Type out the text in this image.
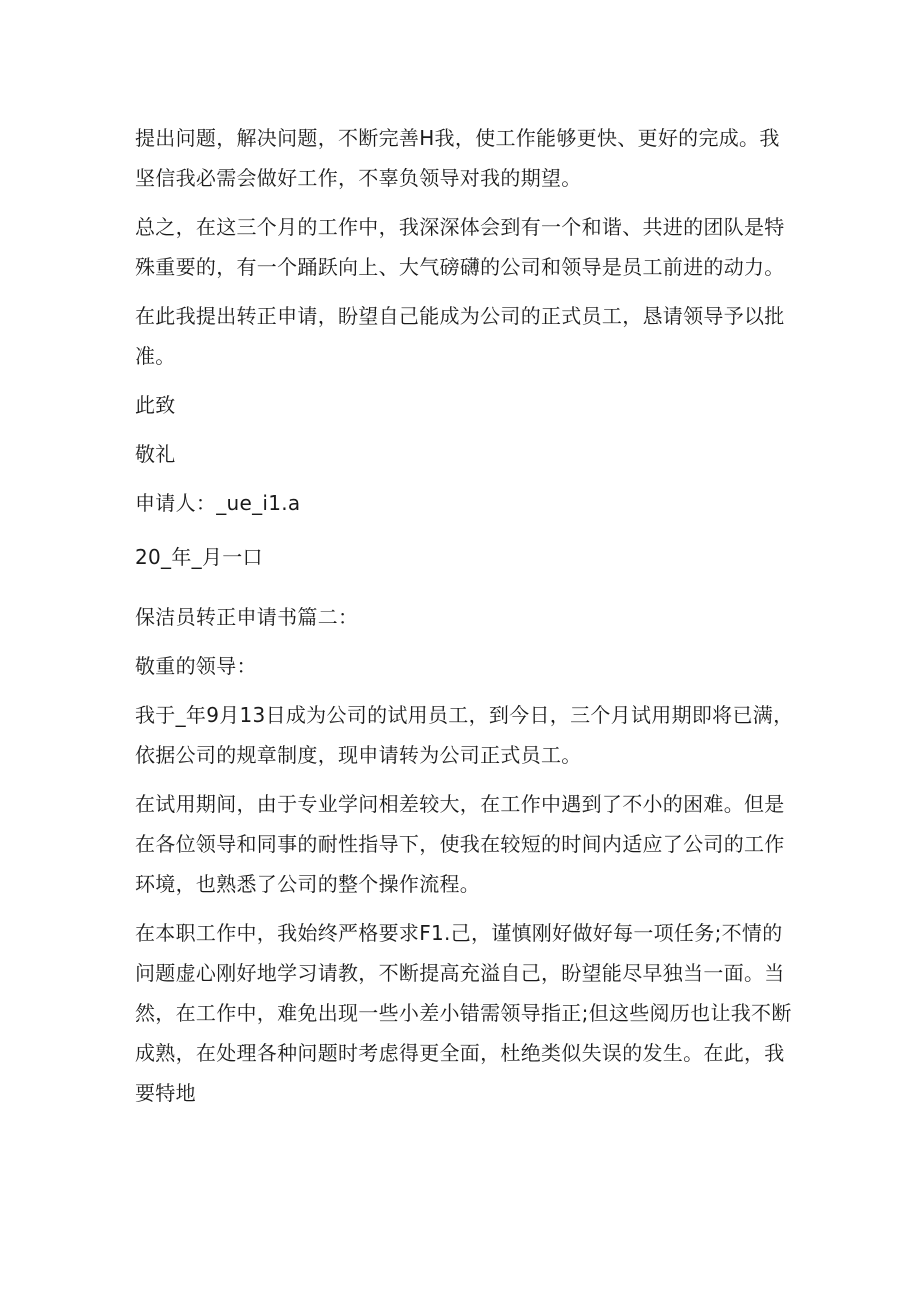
提出问题，解决问题，不断完善H我，使工作能够更快、更好的完成。我坚信我必需会做好工作，不辜负领导对我的期望。

总之，在这三个月的工作中，我深深体会到有一个和谐、共进的团队是特殊重要的，有一个踊跃向上、大气磅礴的公司和领导是员工前进的动力。

在此我提出转正申请，盼望自己能成为公司的正式员工，恳请领导予以批准。

此致

敬礼

申请人：_ue_i1.a

20_年_月一口

保洁员转正申请书篇二：

敬重的领导：

我于_年9月13日成为公司的试用员工，到今日，三个月试用期即将已满，依据公司的规章制度，现申请转为公司正式员工。

在试用期间，由于专业学问相差较大，在工作中遇到了不小的困难。但是在各位领导和同事的耐性指导下，使我在较短的时间内适应了公司的工作环境，也熟悉了公司的整个操作流程。

在本职工作中，我始终严格要求F1.己，谨慎刚好做好每一项任务;不情的问题虚心刚好地学习请教，不断提高充溢自己，盼望能尽早独当一面。当然，在工作中，难免出现一些小差小错需领导指正;但这些阅历也让我不断成熟，在处理各种问题时考虑得更全面，杜绝类似失误的发生。在此，我要特地
